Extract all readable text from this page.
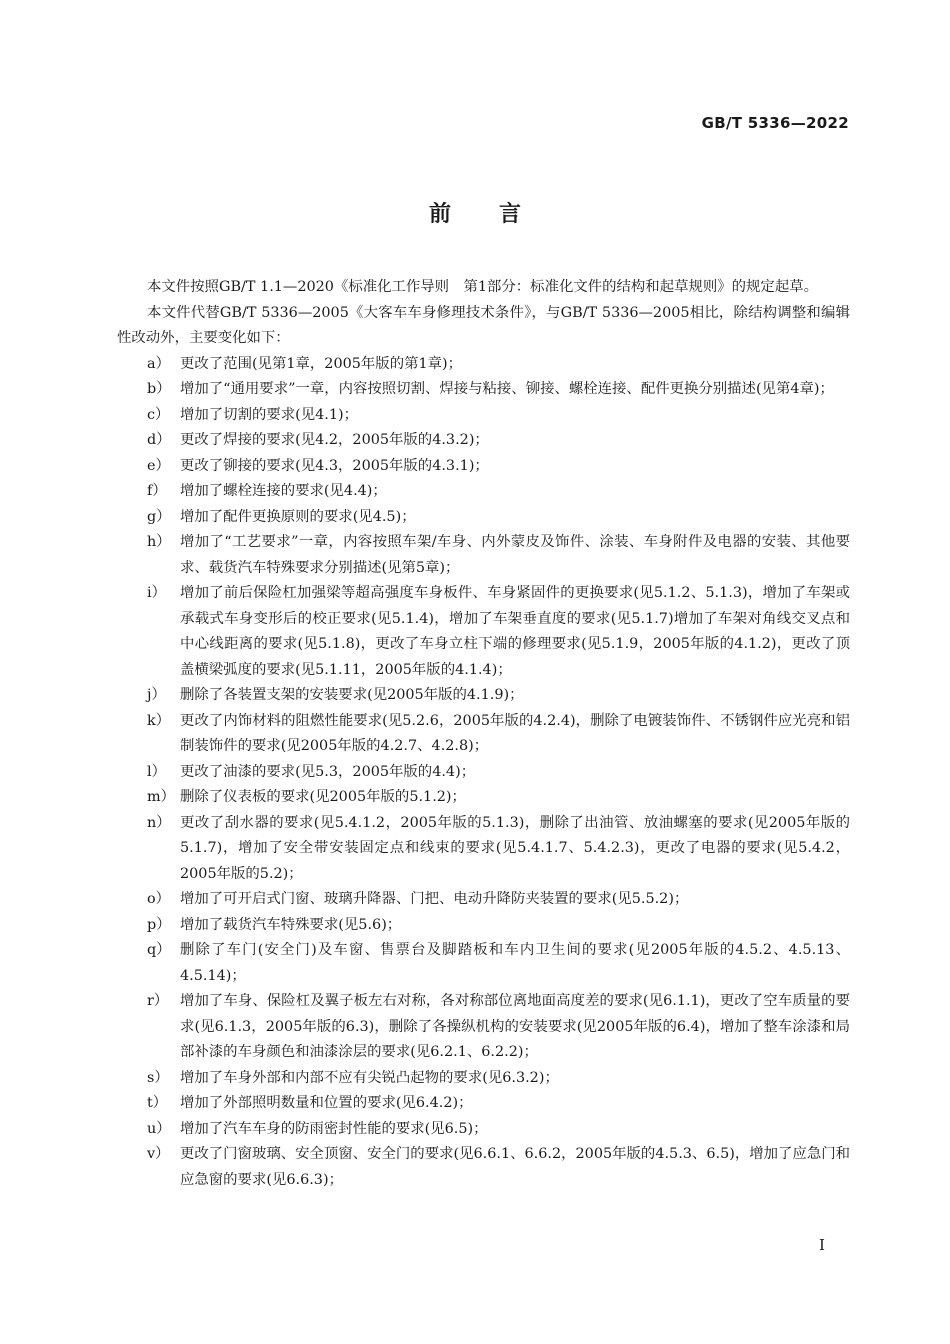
GB/T 5336—2022
前言

本文件按照GB/T 1.1—2020《标准化工作导则　第1部分：标准化文件的结构和起草规则》的规定起草。

本文件代替GB/T 5336—2005《大客车车身修理技术条件》，与GB/T 5336—2005相比，除结构调整和编辑性改动外，主要变化如下：

a） 更改了范围(见第1章，2005年版的第1章)；
b） 增加了“通用要求”一章，内容按照切割、焊接与粘接、铆接、螺栓连接、配件更换分别描述(见第4章)；
c） 增加了切割的要求(见4.1)；
d） 更改了焊接的要求(见4.2，2005年版的4.3.2)；
e） 更改了铆接的要求(见4.3，2005年版的4.3.1)；
f） 增加了螺栓连接的要求(见4.4)；
g） 增加了配件更换原则的要求(见4.5)；
h） 增加了“工艺要求”一章，内容按照车架/车身、内外蒙皮及饰件、涂装、车身附件及电器的安装、其他要求、载货汽车特殊要求分别描述(见第5章)；
i） 增加了前后保险杠加强梁等超高强度车身板件、车身紧固件的更换要求(见5.1.2、5.1.3)，增加了车架或承载式车身变形后的校正要求(见5.1.4)，增加了车架垂直度的要求(见5.1.7)增加了车架对角线交叉点和中心线距离的要求(见5.1.8)，更改了车身立柱下端的修理要求(见5.1.9，2005年版的4.1.2)，更改了顶盖横梁弧度的要求(见5.1.11，2005年版的4.1.4)；
j） 删除了各装置支架的安装要求(见2005年版的4.1.9)；
k） 更改了内饰材料的阻燃性能要求(见5.2.6，2005年版的4.2.4)，删除了电镀装饰件、不锈钢件应光亮和铝制装饰件的要求(见2005年版的4.2.7、4.2.8)；
l） 更改了油漆的要求(见5.3，2005年版的4.4)；
m） 删除了仪表板的要求(见2005年版的5.1.2)；
n） 更改了刮水器的要求(见5.4.1.2，2005年版的5.1.3)，删除了出油管、放油螺塞的要求(见2005年版的5.1.7)，增加了安全带安装固定点和线束的要求(见5.4.1.7、5.4.2.3)，更改了电器的要求(见5.4.2，2005年版的5.2)；
o） 增加了可开启式门窗、玻璃升降器、门把、电动升降防夹装置的要求(见5.5.2)；
p） 增加了载货汽车特殊要求(见5.6)；
q） 删除了车门(安全门)及车窗、售票台及脚踏板和车内卫生间的要求(见2005年版的4.5.2、4.5.13、4.5.14)；
r） 增加了车身、保险杠及翼子板左右对称，各对称部位离地面高度差的要求(见6.1.1)，更改了空车质量的要求(见6.1.3，2005年版的6.3)，删除了各操纵机构的安装要求(见2005年版的6.4)，增加了整车涂漆和局部补漆的车身颜色和油漆涂层的要求(见6.2.1、6.2.2)；
s） 增加了车身外部和内部不应有尖锐凸起物的要求(见6.3.2)；
t） 增加了外部照明数量和位置的要求(见6.4.2)；
u） 增加了汽车车身的防雨密封性能的要求(见6.5)；
v） 更改了门窗玻璃、安全顶窗、安全门的要求(见6.6.1、6.6.2，2005年版的4.5.3、6.5)，增加了应急门和应急窗的要求(见6.6.3)；
I
